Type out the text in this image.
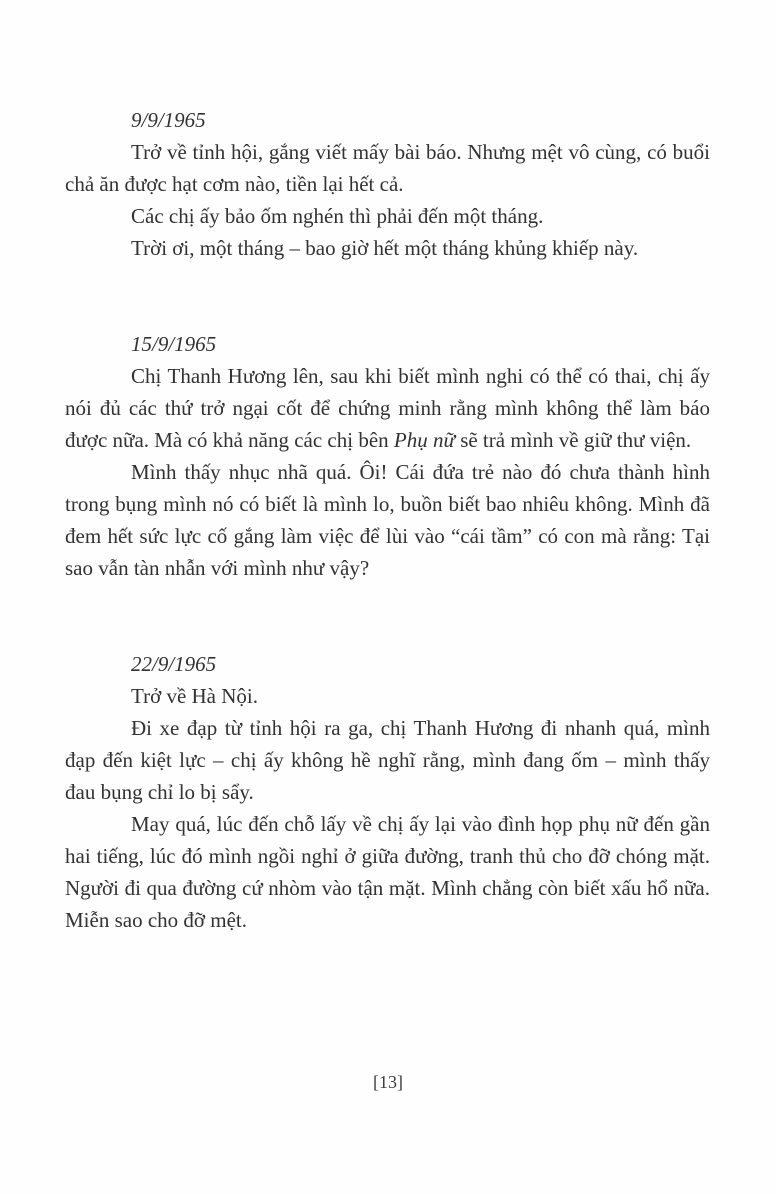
9/9/1965

Trở về tỉnh hội, gắng viết mấy bài báo. Nhưng mệt vô cùng, có buổi chả ăn được hạt cơm nào, tiền lại hết cả.

Các chị ấy bảo ốm nghén thì phải đến một tháng.

Trời ơi, một tháng – bao giờ hết một tháng khủng khiếp này.

15/9/1965

Chị Thanh Hương lên, sau khi biết mình nghi có thể có thai, chị ấy nói đủ các thứ trở ngại cốt để chứng minh rằng mình không thể làm báo được nữa. Mà có khả năng các chị bên Phụ nữ sẽ trả mình về giữ thư viện.

Mình thấy nhục nhã quá. Ôi! Cái đứa trẻ nào đó chưa thành hình trong bụng mình nó có biết là mình lo, buồn biết bao nhiêu không. Mình đã đem hết sức lực cố gắng làm việc để lùi vào “cái tầm” có con mà rằng: Tại sao vẫn tàn nhẫn với mình như vậy?

22/9/1965

Trở về Hà Nội.

Đi xe đạp từ tỉnh hội ra ga, chị Thanh Hương đi nhanh quá, mình đạp đến kiệt lực – chị ấy không hề nghĩ rằng, mình đang ốm – mình thấy đau bụng chỉ lo bị sẩy.

May quá, lúc đến chỗ lấy về chị ấy lại vào đình họp phụ nữ đến gần hai tiếng, lúc đó mình ngồi nghỉ ở giữa đường, tranh thủ cho đỡ chóng mặt. Người đi qua đường cứ nhòm vào tận mặt. Mình chẳng còn biết xấu hổ nữa. Miễn sao cho đỡ mệt.

[13]
